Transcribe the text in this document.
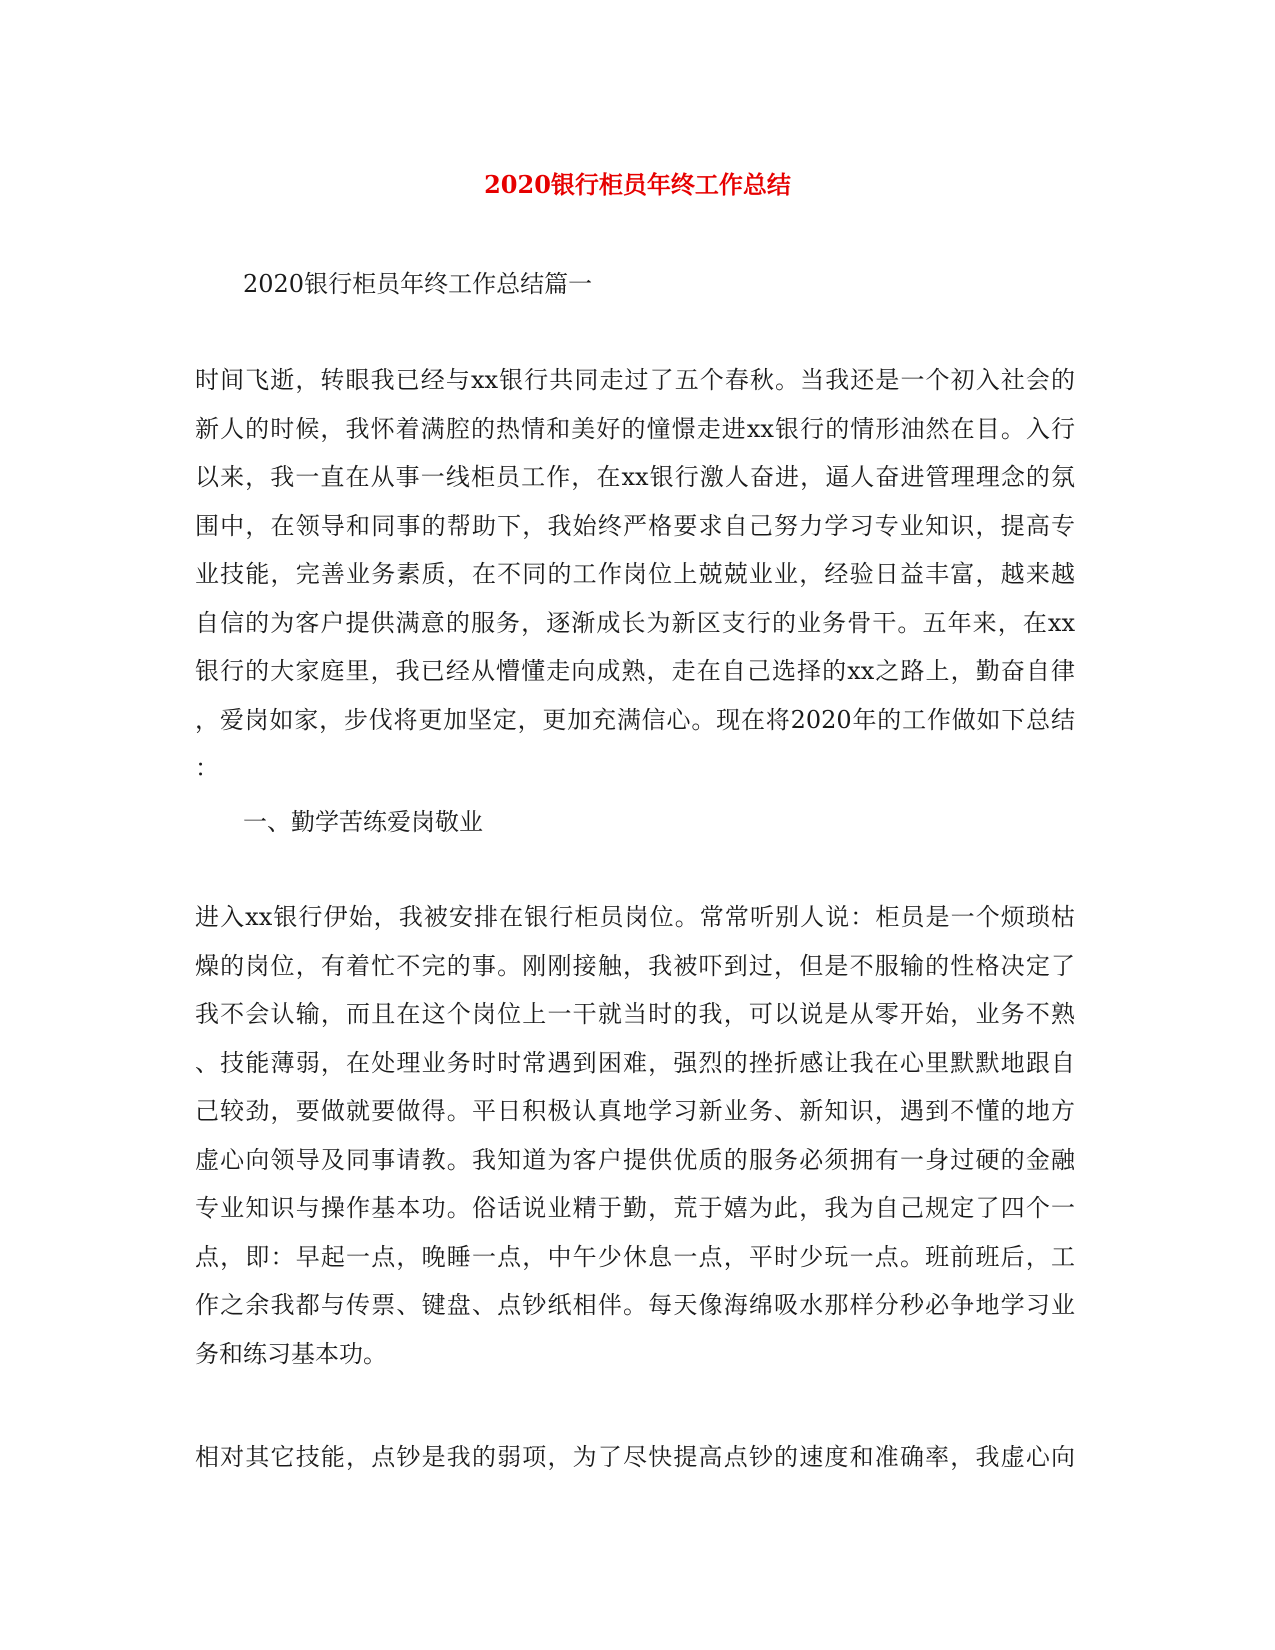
2020银行柜员年终工作总结
2020银行柜员年终工作总结篇一
时间飞逝，转眼我已经与xx银行共同走过了五个春秋。当我还是一个初入社会的
新人的时候，我怀着满腔的热情和美好的憧憬走进xx银行的情形油然在目。入行
以来，我一直在从事一线柜员工作，在xx银行激人奋进，逼人奋进管理理念的氛
围中，在领导和同事的帮助下，我始终严格要求自己努力学习专业知识，提高专
业技能，完善业务素质，在不同的工作岗位上兢兢业业，经验日益丰富，越来越
自信的为客户提供满意的服务，逐渐成长为新区支行的业务骨干。五年来，在xx
银行的大家庭里，我已经从懵懂走向成熟，走在自己选择的xx之路上，勤奋自律
，爱岗如家，步伐将更加坚定，更加充满信心。现在将2020年的工作做如下总结
：
一、勤学苦练爱岗敬业
进入xx银行伊始，我被安排在银行柜员岗位。常常听别人说：柜员是一个烦琐枯
燥的岗位，有着忙不完的事。刚刚接触，我被吓到过，但是不服输的性格决定了
我不会认输，而且在这个岗位上一干就当时的我，可以说是从零开始，业务不熟
、技能薄弱，在处理业务时时常遇到困难，强烈的挫折感让我在心里默默地跟自
己较劲，要做就要做得。平日积极认真地学习新业务、新知识，遇到不懂的地方
虚心向领导及同事请教。我知道为客户提供优质的服务必须拥有一身过硬的金融
专业知识与操作基本功。俗话说业精于勤，荒于嬉为此，我为自己规定了四个一
点，即：早起一点，晚睡一点，中午少休息一点，平时少玩一点。班前班后，工
作之余我都与传票、键盘、点钞纸相伴。每天像海绵吸水那样分秒必争地学习业
务和练习基本功。
相对其它技能，点钞是我的弱项，为了尽快提高点钞的速度和准确率，我虚心向
